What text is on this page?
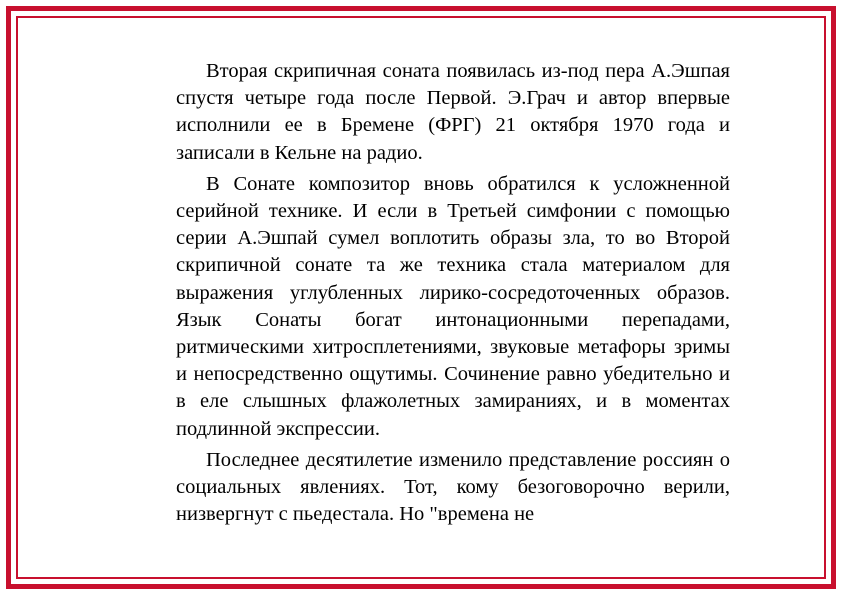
Вторая скрипичная соната появилась из-под пера А.Эшпая спустя четыре года после Первой. Э.Грач и автор впервые исполнили ее в Бремене (ФРГ) 21 октября 1970 года и записали в Кельне на радио.

В Сонате композитор вновь обратился к усложненной серийной технике. И если в Третьей симфонии с помощью серии А.Эшпай сумел воплотить образы зла, то во Второй скрипичной сонате та же техника стала материалом для выражения углубленных лирико-сосредоточенных образов. Язык Сонаты богат интонационными перепадами, ритмическими хитросплетениями, звуковые метафоры зримы и непосредственно ощутимы. Сочинение равно убедительно и в еле слышных флажолетных замираниях, и в моментах подлинной экспрессии.

Последнее десятилетие изменило представление россиян о социальных явлениях. Тот, кому безоговорочно верили, низвергнут с пьедестала. Но "времена не
